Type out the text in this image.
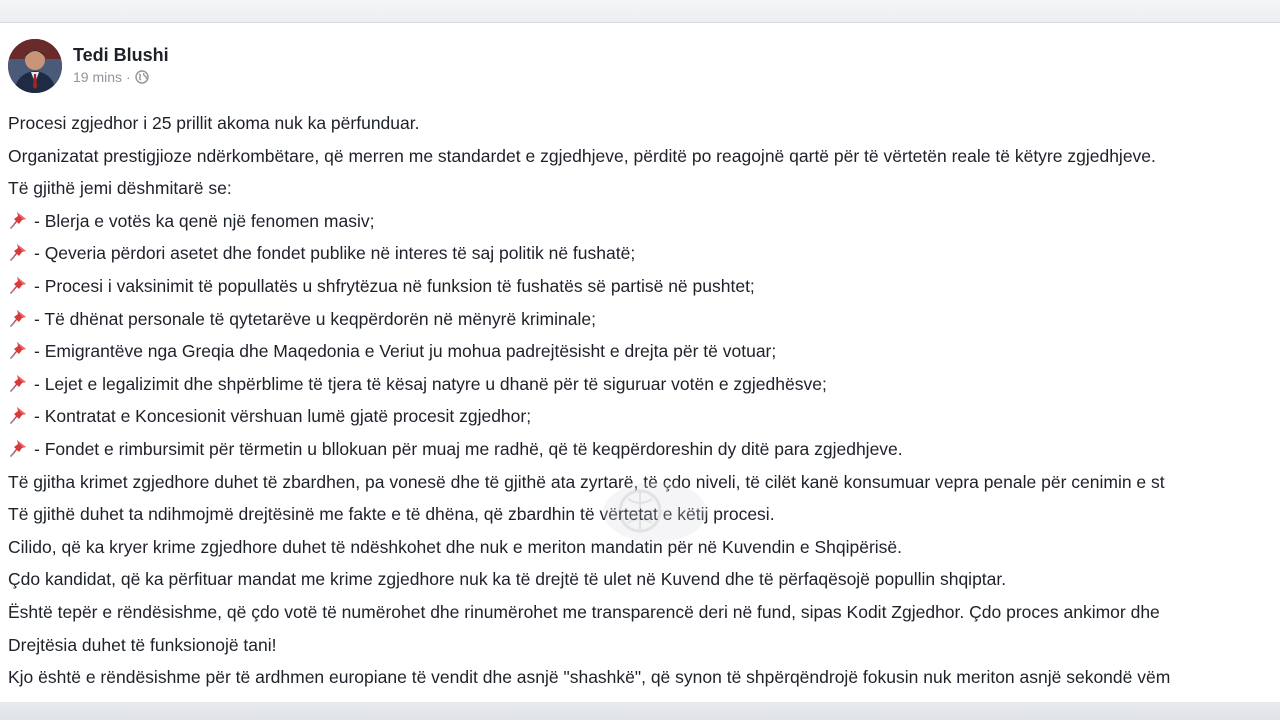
Tedi Blushi
19 mins ·
Procesi zgjedhor i 25 prillit akoma nuk ka përfunduar.
Organizatat prestigjioze ndërkombëtare, që merren me standardet e zgjedhjeve, përditë po reagojnë qartë për të vërtetën reale të këtyre zgjedhjeve.
Të gjithë jemi dëshmitarë se:
- Blerja e votës ka qenë një fenomen masiv;
- Qeveria përdori asetet dhe fondet publike në interes të saj politik në fushatë;
- Procesi i vaksinimit të popullatës u shfrytëzua në funksion të fushatës së partisë në pushtet;
- Të dhënat personale të qytetarëve u keqpërdorën në mënyrë kriminale;
- Emigrantëve nga Greqia dhe Maqedonia e Veriut ju mohua padrejtësisht e drejta për të votuar;
- Lejet e legalizimit dhe shpërblime të tjera të kësaj natyre u dhanë për të siguruar votën e zgjedhësve;
- Kontratat e Koncesionit vërshuan lumë gjatë procesit zgjedhor;
- Fondet e rimbursimit për tërmetin u bllokuan për muaj me radhë, që të keqpërdoreshin dy ditë para zgjedhjeve.
Të gjitha krimet zgjedhore duhet të zbardhen, pa vonesë dhe të gjithë ata zyrtarë, të çdo niveli, të cilët kanë konsumuar vepra penale për cenimin e st
Të gjithë duhet ta ndihmojmë drejtësinë me fakte e të dhëna, që zbardhin të vërtetat e këtij procesi.
Cilido, që ka kryer krime zgjedhore duhet të ndëshkohet dhe nuk e meriton mandatin për në Kuvendin e Shqipërisë.
Çdo kandidat, që ka përfituar mandat me krime zgjedhore nuk ka të drejtë të ulet në Kuvend dhe të përfaqësojë popullin shqiptar.
Është tepër e rëndësishme, që çdo votë të numërohet dhe rinumërohet me transparencë deri në fund, sipas Kodit Zgjedhor. Çdo proces ankimor dhe
Drejtësia duhet të funksionojë tani!
Kjo është e rëndësishme për të ardhmen europiane të vendit dhe asnjë "shashkë", që synon të shpërqëndrojë fokusin nuk meriton asnjë sekondë vëm
